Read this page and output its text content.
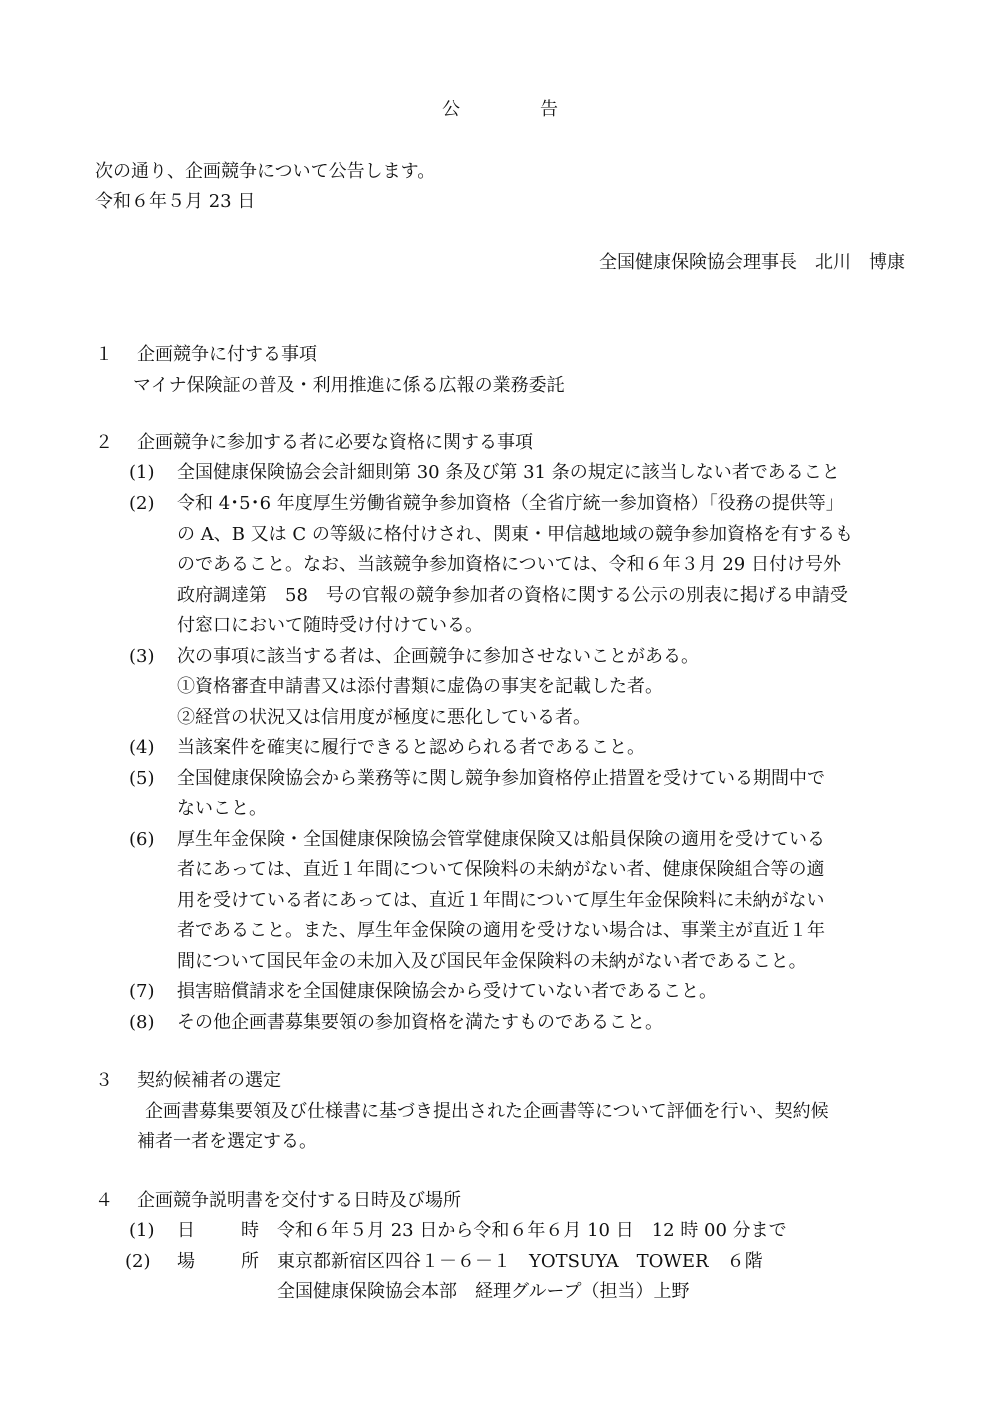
公	告
次の通り、企画競争について公告します。
令和６年５月 23 日
全国健康保険協会理事長　北川　博康
１ 企画競争に付する事項
マイナ保険証の普及・利用推進に係る広報の業務委託
２ 企画競争に参加する者に必要な資格に関する事項
(1) 全国健康保険協会会計細則第 30 条及び第 31 条の規定に該当しない者であること
(2) 令和 4･5･6 年度厚生労働省競争参加資格（全省庁統一参加資格）「役務の提供等」
の A、B 又は C の等級に格付けされ、関東・甲信越地域の競争参加資格を有するも
のであること。なお、当該競争参加資格については、令和６年３月 29 日付け号外
政府調達第　58　号の官報の競争参加者の資格に関する公示の別表に掲げる申請受
付窓口において随時受け付けている。
(3) 次の事項に該当する者は、企画競争に参加させないことがある。
①資格審査申請書又は添付書類に虚偽の事実を記載した者。
②経営の状況又は信用度が極度に悪化している者。
(4) 当該案件を確実に履行できると認められる者であること。
(5) 全国健康保険協会から業務等に関し競争参加資格停止措置を受けている期間中で
ないこと。
(6) 厚生年金保険・全国健康保険協会管掌健康保険又は船員保険の適用を受けている
者にあっては、直近１年間について保険料の未納がない者、健康保険組合等の適
用を受けている者にあっては、直近１年間について厚生年金保険料に未納がない
者であること。また、厚生年金保険の適用を受けない場合は、事業主が直近１年
間について国民年金の未加入及び国民年金保険料の未納がない者であること。
(7) 損害賠償請求を全国健康保険協会から受けていない者であること。
(8) その他企画書募集要領の参加資格を満たすものであること。
３ 契約候補者の選定
企画書募集要領及び仕様書に基づき提出された企画書等について評価を行い、契約候
補者一者を選定する。
４ 企画競争説明書を交付する日時及び場所
(1) 日	時 令和６年５月 23 日から令和６年６月 10 日　12 時 00 分まで
(2) 場	所 東京都新宿区四谷１－６－１　YOTSUYA　TOWER　６階
全国健康保険協会本部　経理グループ（担当）上野
